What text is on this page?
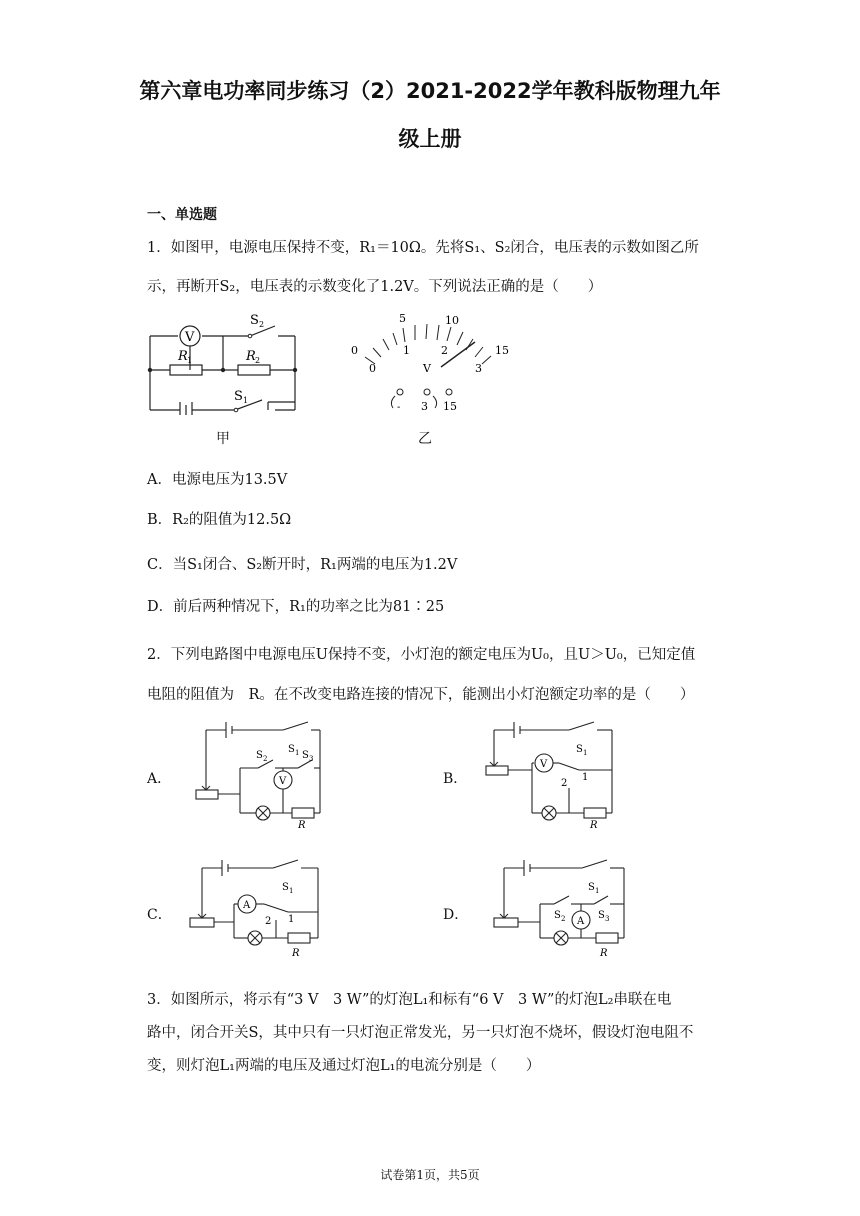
第六章电功率同步练习（2）2021-2022学年教科版物理九年
级上册
一、单选题
1．如图甲，电源电压保持不变，R₁＝10Ω。先将S₁、S₂闭合，电压表的示数如图乙所
示，再断开S₂，电压表的示数变化了1.2V。下列说法正确的是（　　）
V
R 1	R 2
S 2
S 1
甲
0
5	10
15
0
1	2
3
V
- 3 15
乙
A．电源电压为13.5V
B．R₂的阻值为12.5Ω
C．当S₁闭合、S₂断开时，R₁两端的电压为1.2V
D．前后两种情况下，R₁的功率之比为81∶25
2．下列电路图中电源电压U保持不变，小灯泡的额定电压为U₀，且U＞U₀，已知定值
电阻的阻值为　R。在不改变电路连接的情况下，能测出小灯泡额定功率的是（　　）
A．	B．
C．	D．
V
S 1
S 2	S 3
R
V
S 1
2
1
R
A
S 1
2 1
R
A
S 1
S 2	S 3
R
3．如图所示，将示有“3 V　3 W”的灯泡L₁和标有“6 V　3 W”的灯泡L₂串联在电
路中，闭合开关S，其中只有一只灯泡正常发光，另一只灯泡不烧坏，假设灯泡电阻不
变，则灯泡L₁两端的电压及通过灯泡L₁的电流分别是（　　）
试卷第1页，共5页
